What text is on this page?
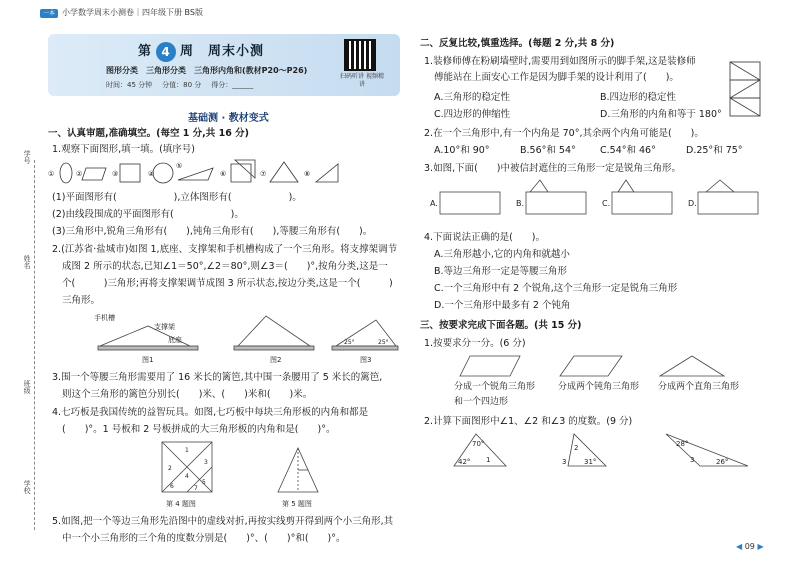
一本 小学数学周末小测卷｜四年级下册 BS版
学号
姓名
班级
学校
第 4 周　周末小测
图形分类　三角形分类　三角形内角和(教材P20～P26)
时间：45 分钟 分值：80 分 得分：______
扫码听讲 视频精讲
基础测 · 教材变式
一、认真审题,准确填空。(每空 1 分,共 16 分)
1.观察下面图形,填一填。(填序号)
①	②	③	④
⑤
⑥	⑦	⑧
(1)平面图形有(　　　　　　),立体图形有(　　　　　　)。
(2)由线段围成的平面图形有(　　　　　　)。
(3)三角形中,锐角三角形有(　　),钝角三角形有(　　),等腰三角形有(　　)。
2.(江苏省·盐城市)如图 1,底座、支撑架和手机槽构成了一个三角形。将支撑架调节
成图 2 所示的状态,已知∠1＝50°,∠2＝80°,则∠3＝(　　)°,按角分类,这是一
个(　　　)三角形;再将支撑架调节成图 3 所示状态,按边分类,这是一个(　　　)
三角形。
手机槽
支撑架
底座
图1	图2	图3
25°	25°
3.围一个等腰三角形需要用了 16 米长的篱笆,其中围一条腰用了 5 米长的篱笆,
则这个三角形的篱笆分别长(　　)米、(　　)米和(　　)米。
4.七巧板是我国传统的益智玩具。如图,七巧板中每块三角形板的内角和都是
(　　)°。1 号板和 2 号板拼成的大三角形板的内角和是(　　)°。
1
2
3
4
5
6	7
第 4 题图	第 5 题图
5.如图,把一个等边三角形先沿图中的虚线对折,再按实线剪开得到两个小三角形,其
中一个小三角形的三个角的度数分别是(　　)°、(　　)°和(　　)°。
二、反复比较,慎重选择。(每题 2 分,共 8 分)
1.装修师傅在粉刷墙壁时,需要用到如图所示的脚手架,这是装修师
傅能站在上面安心工作是因为脚手架的设计利用了(　　)。
A.三角形的稳定性	B.四边形的稳定性
C.四边形的伸缩性	D.三角形的内角和等于 180°
2.在一个三角形中,有一个内角是 70°,其余两个内角可能是(　　)。
A.10°和 90°	B.56°和 54°	C.54°和 46°	D.25°和 75°
3.如图,下面(　　)中被信封遮住的三角形一定是锐角三角形。
A.	B.	C.	D.
4.下面说法正确的是(　　)。
A.三角形越小,它的内角和就越小
B.等边三角形一定是等腰三角形
C.一个三角形中有 2 个锐角,这个三角形一定是锐角三角形
D.一个三角形中最多有 2 个钝角
三、按要求完成下面各题。(共 15 分)
1.按要求分一分。(6 分)
分成一个锐角三角形
和一个四边形
分成两个钝角三角形 分成两个直角三角形
2.计算下面图形中∠1、∠2 和∠3 的度数。(9 分)
70°
1
42°
2
3	31°
28°
3	26°
◀ 09 ▶
